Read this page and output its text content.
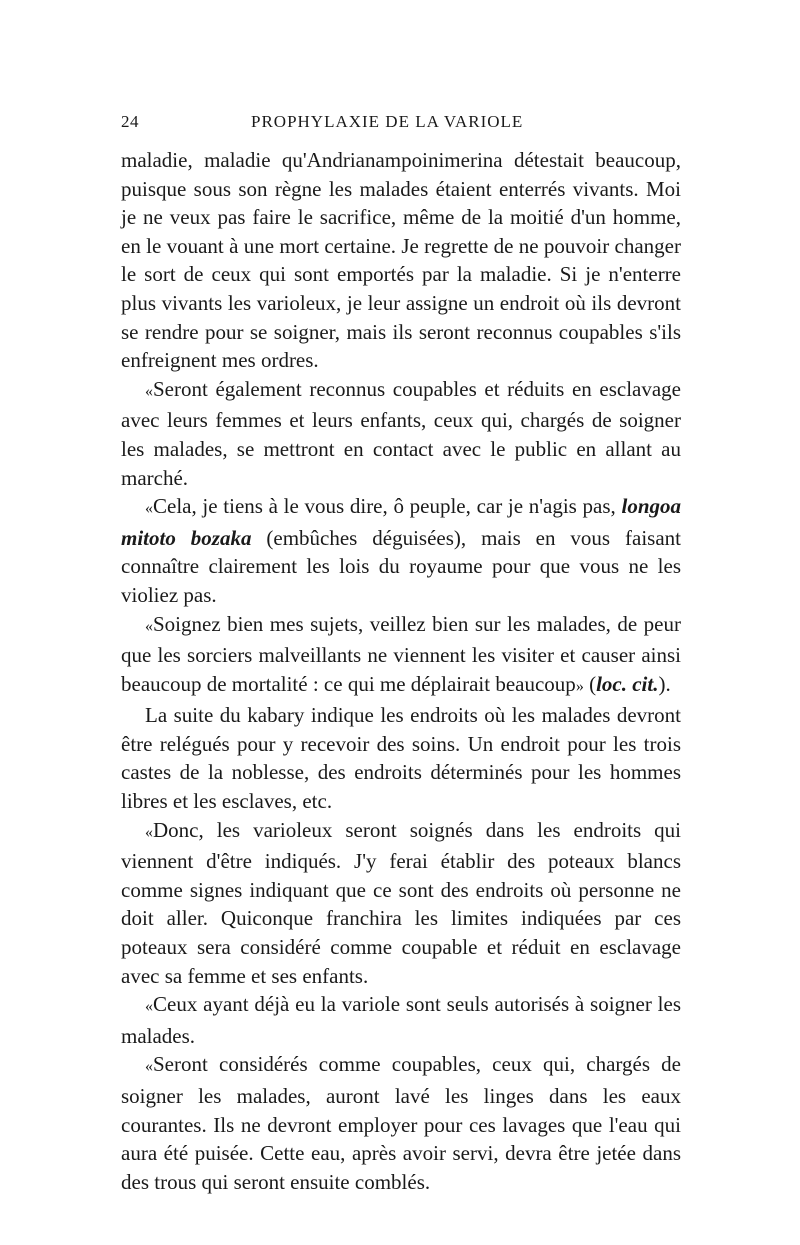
24	PROPHYLAXIE DE LA VARIOLE

maladie, maladie qu'Andrianampoinimerina détestait beaucoup, puisque sous son règne les malades étaient enterrés vivants. Moi je ne veux pas faire le sacrifice, même de la moitié d'un homme, en le vouant à une mort certaine. Je regrette de ne pouvoir changer le sort de ceux qui sont emportés par la maladie. Si je n'enterre plus vivants les varioleux, je leur assigne un endroit où ils devront se rendre pour se soigner, mais ils seront reconnus coupables s'ils enfreignent mes ordres.

«Seront également reconnus coupables et réduits en esclavage avec leurs femmes et leurs enfants, ceux qui, chargés de soigner les malades, se mettront en contact avec le public en allant au marché.

«Cela, je tiens à le vous dire, ô peuple, car je n'agis pas, longoa mitoto bozaka (embûches déguisées), mais en vous faisant connaître clairement les lois du royaume pour que vous ne les violiez pas.

«Soignez bien mes sujets, veillez bien sur les malades, de peur que les sorciers malveillants ne viennent les visiter et causer ainsi beaucoup de mortalité : ce qui me déplairait beaucoup» (loc. cit.).

La suite du kabary indique les endroits où les malades devront être relégués pour y recevoir des soins. Un endroit pour les trois castes de la noblesse, des endroits déterminés pour les hommes libres et les esclaves, etc.

«Donc, les varioleux seront soignés dans les endroits qui viennent d'être indiqués. J'y ferai établir des poteaux blancs comme signes indiquant que ce sont des endroits où personne ne doit aller. Quiconque franchira les limites indiquées par ces poteaux sera considéré comme coupable et réduit en esclavage avec sa femme et ses enfants.

«Ceux ayant déjà eu la variole sont seuls autorisés à soigner les malades.

«Seront considérés comme coupables, ceux qui, chargés de soigner les malades, auront lavé les linges dans les eaux courantes. Ils ne devront employer pour ces lavages que l'eau qui aura été puisée. Cette eau, après avoir servi, devra être jetée dans des trous qui seront ensuite comblés.
